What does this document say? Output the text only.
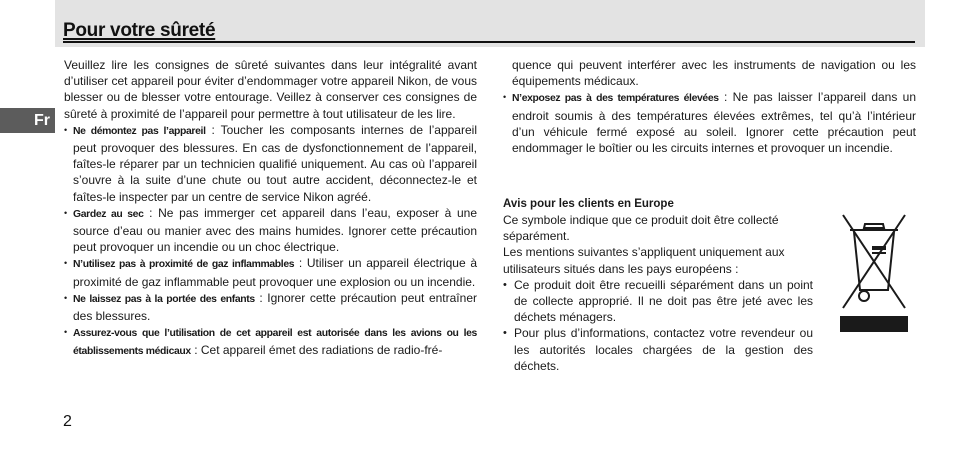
Pour votre sûreté
Fr
2

Veuillez lire les consignes de sûreté suivantes dans leur intégralité avant d’utiliser cet appareil pour éviter d’endommager votre appareil Nikon, de vous blesser ou de blesser votre entourage. Veillez à conserver ces consignes de sûreté à proximité de l’appareil pour permettre à tout utilisateur de les lire.

• Ne démontez pas l’appareil : Toucher les composants internes de l’appareil peut provoquer des blessures. En cas de dysfonctionnement de l’appareil, faîtes-le réparer par un technicien qualifié uniquement. Au cas où l’appareil s’ouvre à la suite d’une chute ou tout autre accident, déconnectez-le et faîtes-le inspecter par un centre de service Nikon agréé.
• Gardez au sec : Ne pas immerger cet appareil dans l’eau, exposer à une source d’eau ou manier avec des mains humides. Ignorer cette précaution peut provoquer un incendie ou un choc électrique.
• N’utilisez pas à proximité de gaz inflammables : Utiliser un appareil électrique à proximité de gaz inflammable peut provoquer une explosion ou un incendie.
• Ne laissez pas à la portée des enfants : Ignorer cette précaution peut entraîner des blessures.
• Assurez-vous que l’utilisation de cet appareil est autorisée dans les avions ou les établissements médicaux : Cet appareil émet des radiations de radio-fré-

quence qui peuvent interférer avec les instruments de navigation ou les équipements médicaux.

• N’exposez pas à des températures élevées : Ne pas laisser l’appareil dans un endroit soumis à des températures élevées extrêmes, tel qu’à l’intérieur d’un véhicule fermé exposé au soleil. Ignorer cette précaution peut endommager le boîtier ou les circuits internes et provoquer un incendie.
Avis pour les clients en Europe

Ce symbole indique que ce produit doit être collecté séparément.

Les mentions suivantes s’appliquent uniquement aux utilisateurs situés dans les pays européens :

• Ce produit doit être recueilli séparément dans un point de collecte approprié. Il ne doit pas être jeté avec les déchets ménagers.
• Pour plus d’informations, contactez votre revendeur ou les autorités locales chargées de la gestion des déchets.
